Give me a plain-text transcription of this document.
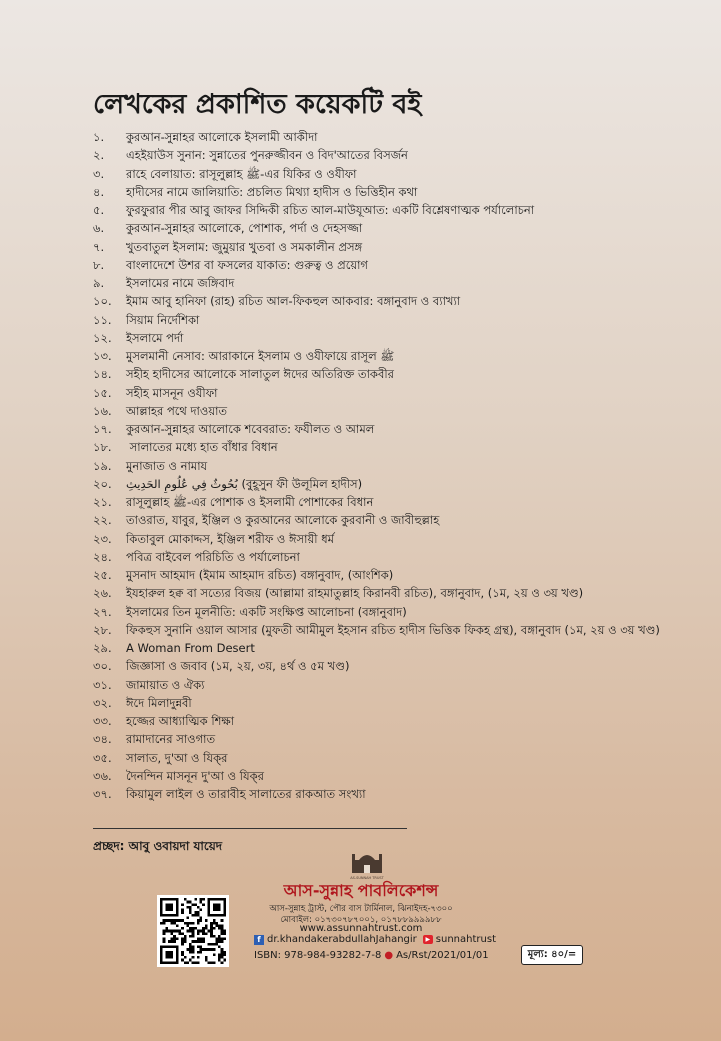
লেখকের প্রকাশিত কয়েকটি বই
১. কুরআন-সুন্নাহর আলোকে ইসলামী আকীদা
২. এহইয়াউস সুনান: সুন্নাতের পুনরুজ্জীবন ও বিদ'আতের বিসর্জন
৩. রাহে বেলায়াত: রাসূলুল্লাহ ﷺ-এর যিকির ও ওযীফা
৪. হাদীসের নামে জালিয়াতি: প্রচলিত মিথ্যা হাদীস ও ভিত্তিহীন কথা
৫. ফুরফুরার পীর আবু জাফর সিদ্দিকী রচিত আল-মাউযূআত: একটি বিশ্লেষণাত্মক পর্যালোচনা
৬. কুরআন-সুন্নাহর আলোকে, পোশাক, পর্দা ও দেহসজ্জা
৭. খুতবাতুল ইসলাম: জুমুয়ার খুতবা ও সমকালীন প্রসঙ্গ
৮. বাংলাদেশে উশর বা ফসলের যাকাত: গুরুত্ব ও প্রয়োগ
৯. ইসলামের নামে জঙ্গিবাদ
১০. ইমাম আবু হানিফা (রাহ) রচিত আল-ফিকহুল আকবার: বঙ্গানুবাদ ও ব্যাখ্যা
১১. সিয়াম নির্দেশিকা
১২. ইসলামে পর্দা
১৩. মুসলমানী নেসাব: আরাকানে ইসলাম ও ওযীফায়ে রাসূল ﷺ
১৪. সহীহ হাদীসের আলোকে সালাতুল ঈদের অতিরিক্ত তাকবীর
১৫. সহীহ মাসনূন ওযীফা
১৬. আল্লাহর পথে দাওয়াত
১৭. কুরআন-সুন্নাহর আলোকে শবেবরাত: ফযীলত ও আমল
১৮. সালাতের মধ্যে হাত বাঁধার বিধান
১৯. মুনাজাত ও নামায
২০. بُحُوثٌ فِي عُلُومِ الحَدِيثِ (বুহূসুন ফী উলূমিল হাদীস)
২১. রাসূলুল্লাহ ﷺ-এর পোশাক ও ইসলামী পোশাকের বিধান
২২. তাওরাত, যাবুর, ইঞ্জিল ও কুরআনের আলোকে কুরবানী ও জাবীহুল্লাহ
২৩. কিতাবুল মোকাদ্দস, ইঞ্জিল শরীফ ও ঈসায়ী ধর্ম
২৪. পবিত্র বাইবেল পরিচিতি ও পর্যালোচনা
২৫. মুসনাদ আহমাদ (ইমাম আহমাদ রচিত) বঙ্গানুবাদ, (আংশিক)
২৬. ইযহারুল হক্ব বা সত্যের বিজয় (আল্লামা রাহমাতুল্লাহ কিরানবী রচিত), বঙ্গানুবাদ, (১ম, ২য় ও ৩য় খণ্ড)
২৭. ইসলামের তিন মূলনীতি: একটি সংক্ষিপ্ত আলোচনা (বঙ্গানুবাদ)
২৮. ফিকহুস সুনানি ওয়াল আসার (মুফতী আমীমুল ইহসান রচিত হাদীস ভিত্তিক ফিকহ গ্রন্থ), বঙ্গানুবাদ (১ম, ২য় ও ৩য় খণ্ড)
২৯. A Woman From Desert
৩০. জিজ্ঞাসা ও জবাব (১ম, ২য়, ৩য়, ৪র্থ ও ৫ম খণ্ড)
৩১. জামায়াত ও ঐক্য
৩২. ঈদে মিলাদুন্নবী
৩৩. হজ্জের আধ্যাত্মিক শিক্ষা
৩৪. রামাদানের সাওগাত
৩৫. সালাত, দু'আ ও যিক্‌র
৩৬. দৈনন্দিন মাসনূন দু'আ ও যিক্‌র
৩৭. কিয়ামুল লাইল ও তারাবীহ সালাতের রাকআত সংখ্যা
প্রচ্ছদ: আবু ওবায়দা যায়েদ
AS-SUNNAH TRUST
আস-সুন্নাহ পাবলিকেশন্স
আস-সুন্নাহ ট্রাস্ট, পৌর বাস টার্মিনাল, ঝিনাইদহ-৭৩০০
মোবাইল: ০১৭৩০৭৮৭০০১, ০১৭৮৮৯৯৯৯৮৮
www.assunnahtrust.com
f dr.khandakerabdullahJahangir	▶ sunnahtrust
ISBN: 978-984-93282-7-8 ● As/Rst/2021/01/01	মূল্য: ৪০/=
